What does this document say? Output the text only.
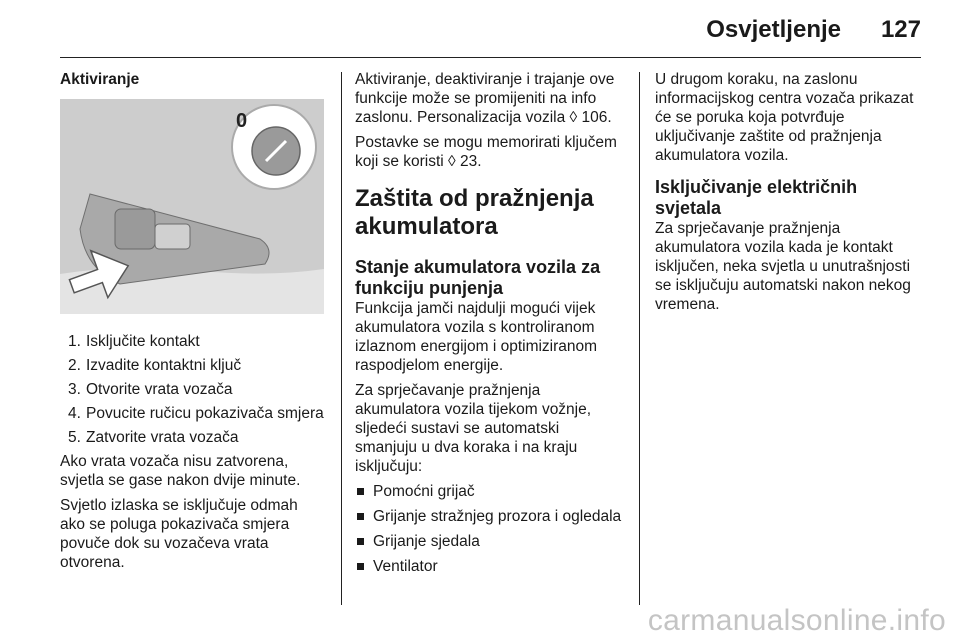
Osvjetljenje 127
Aktiviranje
0
1. Isključite kontakt
2. Izvadite kontaktni ključ
3. Otvorite vrata vozača
4. Povucite ručicu pokazivača smjera
5. Zatvorite vrata vozača

Ako vrata vozača nisu zatvorena, svjetla se gase nakon dvije minute.

Svjetlo izlaska se isključuje odmah ako se poluga pokazivača smjera povuče dok su vozačeva vrata otvorena.

Aktiviranje, deaktiviranje i trajanje ove funkcije može se promijeniti na info zaslonu. Personalizacija vozila ◊ 106.

Postavke se mogu memorirati ključem koji se koristi ◊ 23.

Zaštita od pražnjenja akumulatora
Stanje akumulatora vozila za funkciju punjenja

Funkcija jamči najdulji mogući vijek akumulatora vozila s kontroliranom izlaznom energijom i optimiziranom raspodjelom energije.

Za sprječavanje pražnjenja akumulatora vozila tijekom vožnje, sljedeći sustavi se automatski smanjuju u dva koraka i na kraju isključuju:

Pomoćni grijač
Grijanje stražnjeg prozora i ogledala
Grijanje sjedala
Ventilator

U drugom koraku, na zaslonu informacijskog centra vozača prikazat će se poruka koja potvrđuje uključivanje zaštite od pražnjenja akumulatora vozila.

Isključivanje električnih svjetala

Za sprječavanje pražnjenja akumulatora vozila kada je kontakt isključen, neka svjetla u unutrašnjosti se isključuju automatski nakon nekog vremena.

carmanualsonline.info
